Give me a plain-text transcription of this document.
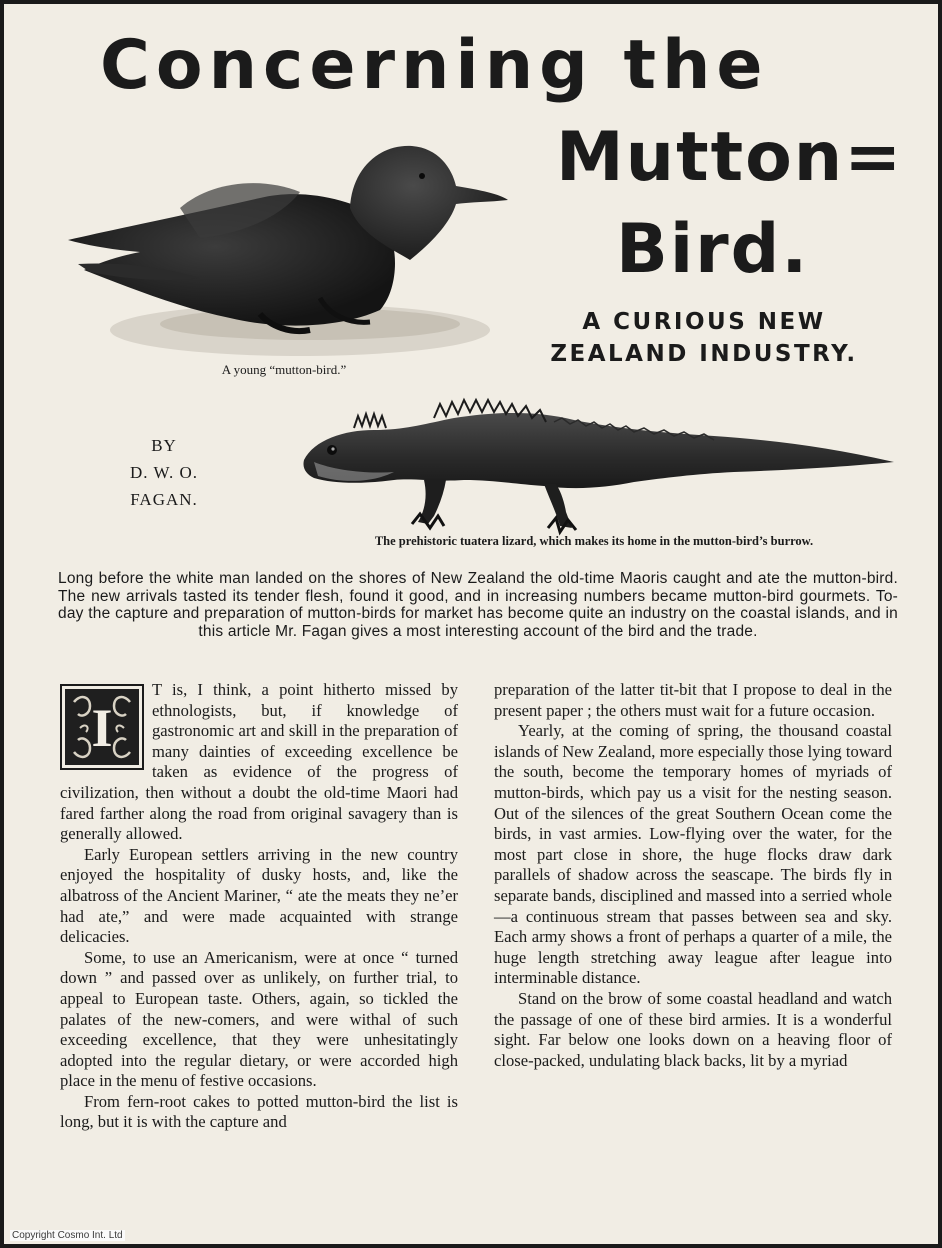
Concerning the
Mutton=
Bird.
A CURIOUS NEW
ZEALAND INDUSTRY.
A young “mutton-bird.”
BY
D. W. O.
FAGAN.
The prehistoric tuatera lizard, which makes its home in the mutton-bird’s burrow.
Long before the white man landed on the shores of New Zealand the old-time Maoris caught and ate the mutton-bird. The new arrivals tasted its tender flesh, found it good, and in increasing numbers became mutton-bird gourmets. To-day the capture and preparation of mutton-birds for market has become quite an industry on the coastal islands, and in this article Mr. Fagan gives a most interesting account of the bird and the trade.
I

T is, I think, a point hitherto missed by ethnologists, but, if knowledge of gastronomic art and skill in the preparation of many dainties of exceeding excellence be taken as evidence of the progress of civilization, then without a doubt the old-time Maori had fared farther along the road from original savagery than is generally allowed.

Early European settlers arriving in the new country enjoyed the hospitality of dusky hosts, and, like the albatross of the Ancient Mariner, “ ate the meats they ne’er had ate,” and were made acquainted with strange delicacies.

Some, to use an Americanism, were at once “ turned down ” and passed over as unlikely, on further trial, to appeal to European taste. Others, again, so tickled the palates of the new-comers, and were withal of such exceeding excellence, that they were unhesitatingly adopted into the regular dietary, or were accorded high place in the menu of festive occasions.

From fern-root cakes to potted mutton-bird the list is long, but it is with the capture and

preparation of the latter tit-bit that I propose to deal in the present paper ; the others must wait for a future occasion.

Yearly, at the coming of spring, the thousand coastal islands of New Zealand, more especially those lying toward the south, become the temporary homes of myriads of mutton-birds, which pay us a visit for the nesting season. Out of the silences of the great Southern Ocean come the birds, in vast armies. Low-flying over the water, for the most part close in shore, the huge flocks draw dark parallels of shadow across the seascape. The birds fly in separate bands, disciplined and massed into a serried whole—a continuous stream that passes between sea and sky. Each army shows a front of perhaps a quarter of a mile, the huge length stretching away league after league into interminable distance.

Stand on the brow of some coastal headland and watch the passage of one of these bird armies. It is a wonderful sight. Far below one looks down on a heaving floor of close-packed, undulating black backs, lit by a myriad

Copyright Cosmo Int. Ltd
